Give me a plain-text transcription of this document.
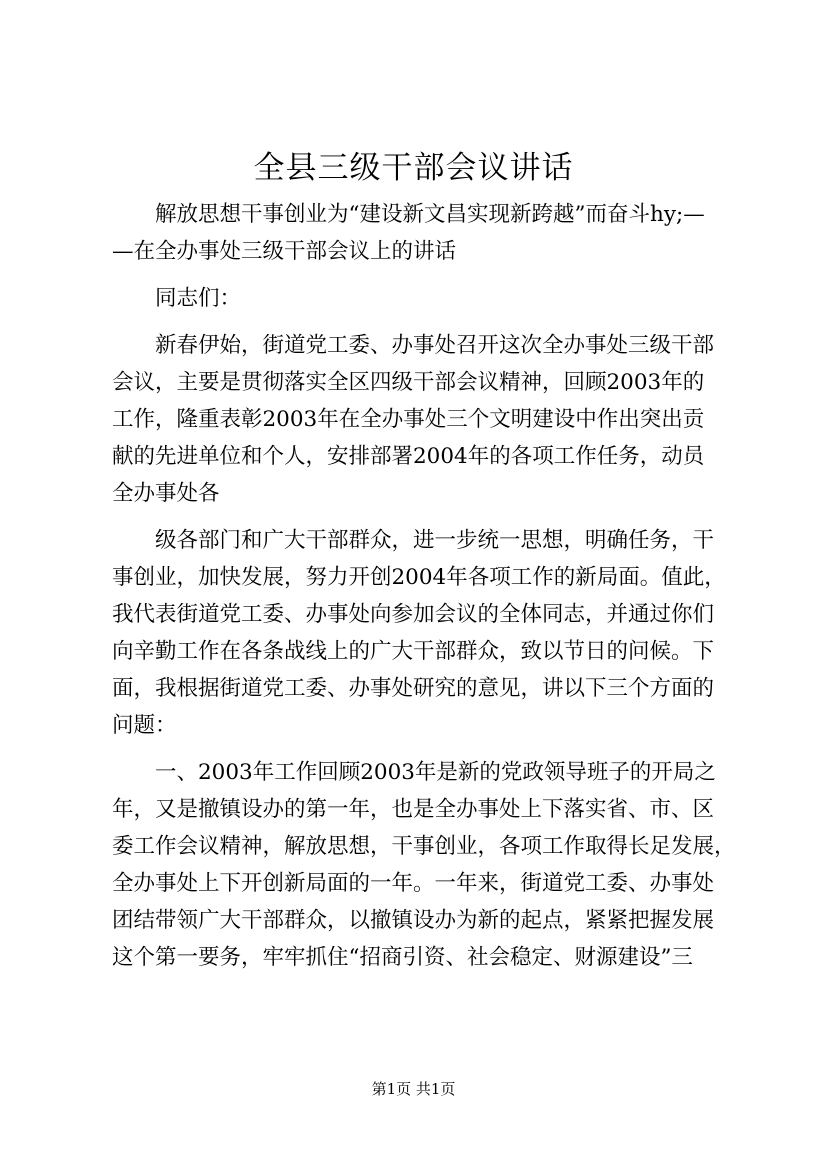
全县三级干部会议讲话
解放思想干事创业为“建设新文昌实现新跨越”而奋斗hy;—
—在全办事处三级干部会议上的讲话
同志们：
新春伊始，街道党工委、办事处召开这次全办事处三级干部
会议，主要是贯彻落实全区四级干部会议精神，回顾2003年的
工作，隆重表彰2003年在全办事处三个文明建设中作出突出贡
献的先进单位和个人，安排部署2004年的各项工作任务，动员
全办事处各
级各部门和广大干部群众，进一步统一思想，明确任务，干
事创业，加快发展，努力开创2004年各项工作的新局面。值此，
我代表街道党工委、办事处向参加会议的全体同志，并通过你们
向辛勤工作在各条战线上的广大干部群众，致以节日的问候。下
面，我根据街道党工委、办事处研究的意见，讲以下三个方面的
问题：
一、2003年工作回顾2003年是新的党政领导班子的开局之
年，又是撤镇设办的第一年，也是全办事处上下落实省、市、区
委工作会议精神，解放思想，干事创业，各项工作取得长足发展，
全办事处上下开创新局面的一年。一年来，街道党工委、办事处
团结带领广大干部群众，以撤镇设办为新的起点，紧紧把握发展
这个第一要务，牢牢抓住“招商引资、社会稳定、财源建设”三
第1页 共1页
